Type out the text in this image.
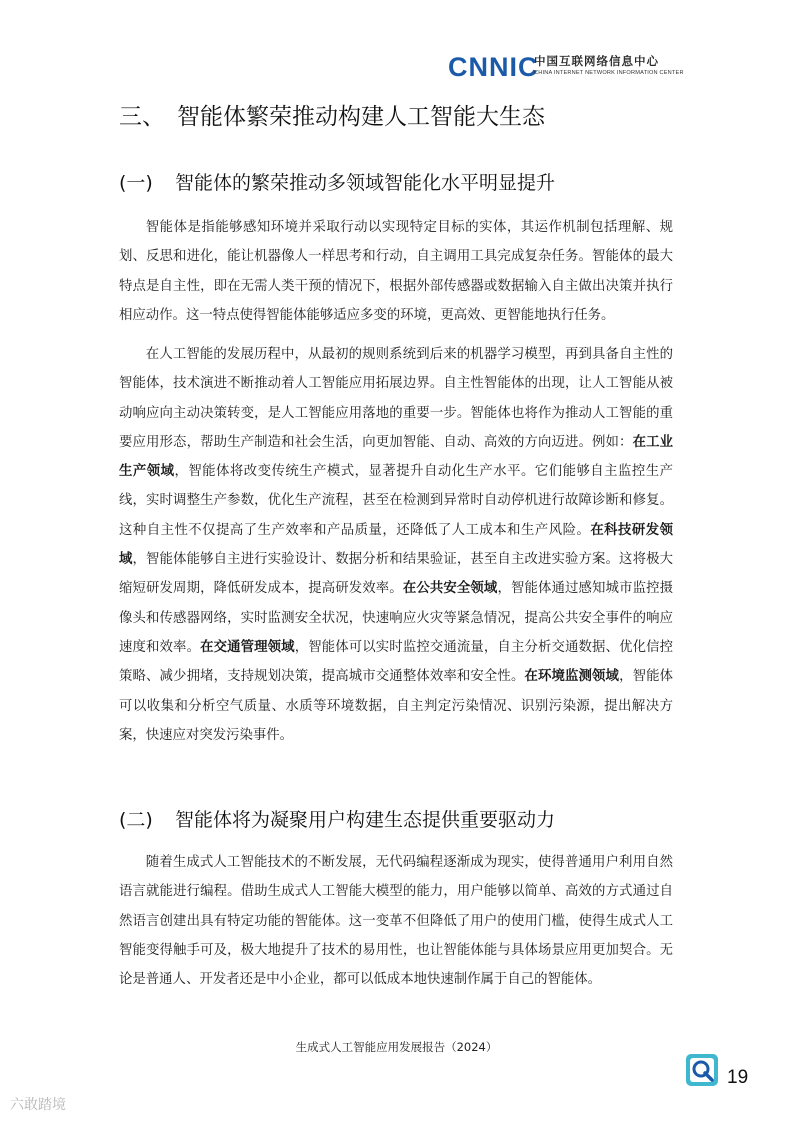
CNNIC
中国互联网络信息中心
CHINA INTERNET NETWORK INFORMATION CENTER
三、 智能体繁荣推动构建人工智能大生态
(一) 智能体的繁荣推动多领域智能化水平明显提升
智能体是指能够感知环境并采取行动以实现特定目标的实体，其运作机制包括理解、规划、反思和进化，能让机器像人一样思考和行动，自主调用工具完成复杂任务。智能体的最大特点是自主性，即在无需人类干预的情况下，根据外部传感器或数据输入自主做出决策并执行相应动作。这一特点使得智能体能够适应多变的环境，更高效、更智能地执行任务。
在人工智能的发展历程中，从最初的规则系统到后来的机器学习模型，再到具备自主性的智能体，技术演进不断推动着人工智能应用拓展边界。自主性智能体的出现，让人工智能从被动响应向主动决策转变，是人工智能应用落地的重要一步。智能体也将作为推动人工智能的重要应用形态，帮助生产制造和社会生活，向更加智能、自动、高效的方向迈进。例如：在工业生产领域，智能体将改变传统生产模式，显著提升自动化生产水平。它们能够自主监控生产线，实时调整生产参数，优化生产流程，甚至在检测到异常时自动停机进行故障诊断和修复。这种自主性不仅提高了生产效率和产品质量，还降低了人工成本和生产风险。在科技研发领域，智能体能够自主进行实验设计、数据分析和结果验证，甚至自主改进实验方案。这将极大缩短研发周期，降低研发成本，提高研发效率。在公共安全领域，智能体通过感知城市监控摄像头和传感器网络，实时监测安全状况，快速响应火灾等紧急情况，提高公共安全事件的响应速度和效率。在交通管理领域，智能体可以实时监控交通流量，自主分析交通数据、优化信控策略、减少拥堵，支持规划决策，提高城市交通整体效率和安全性。在环境监测领域，智能体可以收集和分析空气质量、水质等环境数据，自主判定污染情况、识别污染源，提出解决方案，快速应对突发污染事件。
(二) 智能体将为凝聚用户构建生态提供重要驱动力
随着生成式人工智能技术的不断发展，无代码编程逐渐成为现实，使得普通用户利用自然语言就能进行编程。借助生成式人工智能大模型的能力，用户能够以简单、高效的方式通过自然语言创建出具有特定功能的智能体。这一变革不但降低了用户的使用门槛，使得生成式人工智能变得触手可及，极大地提升了技术的易用性，也让智能体能与具体场景应用更加契合。无论是普通人、开发者还是中小企业，都可以低成本地快速制作属于自己的智能体。
生成式人工智能应用发展报告（2024）
19
六敢踏境
